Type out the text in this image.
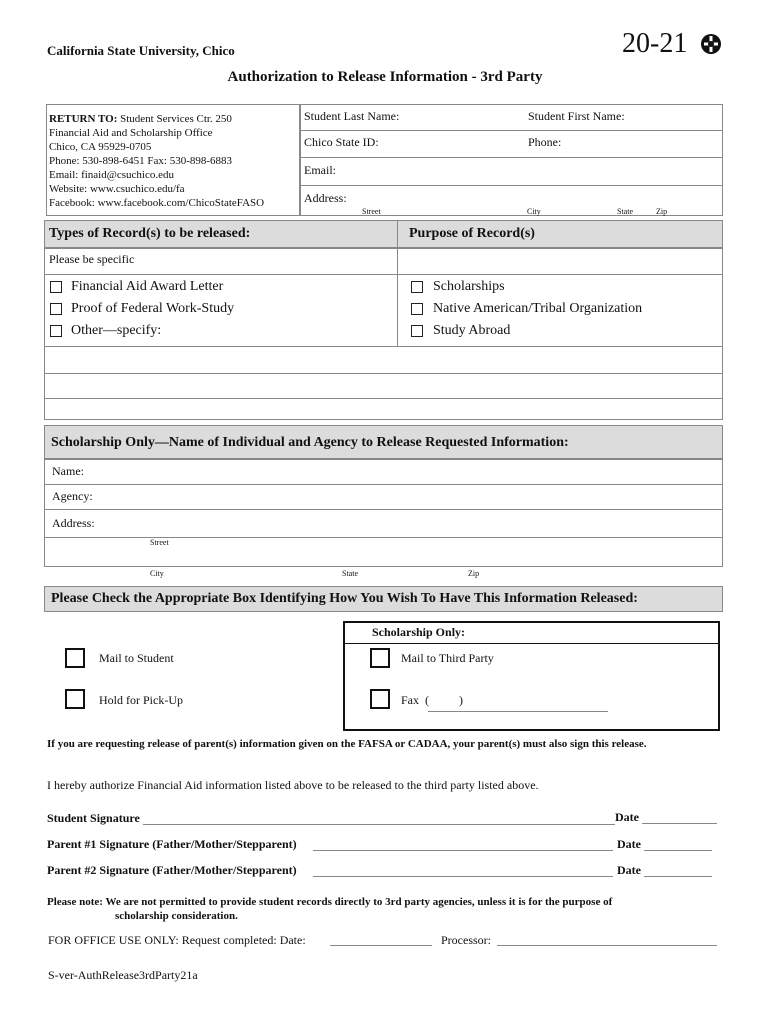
California State University, Chico	20-21
Authorization to Release Information - 3rd Party
RETURN TO: Student Services Ctr. 250
Financial Aid and Scholarship Office
Chico, CA 95929-0705
Phone: 530-898-6451 Fax: 530-898-6883
Email: finaid@csuchico.edu
Website: www.csuchico.edu/fa
Facebook: www.facebook.com/ChicoStateFASO
Student Last Name:	Student First Name:
Chico State ID:	Phone:
Email:
Address:
Street	City	State	Zip
Types of Record(s) to be released:	Purpose of Record(s)
Please be specific
Financial Aid Award Letter
Proof of Federal Work-Study
Other—specify:
Scholarships
Native American/Tribal Organization
Study Abroad
Scholarship Only—Name of Individual and Agency to Release Requested Information:
Name:
Agency:
Address:
Street
City	State	Zip
Please Check the Appropriate Box Identifying How You Wish To Have This Information Released:
Scholarship Only:
Mail to Student
Hold for Pick-Up
Mail to Third Party
Fax  (          )
If you are requesting release of parent(s) information given on the FAFSA or CADAA, your parent(s) must also sign this release.
I hereby authorize Financial Aid information listed above to be released to the third party listed above.
Student Signature	Date
Parent #1 Signature (Father/Mother/Stepparent)	Date
Parent #2 Signature (Father/Mother/Stepparent)	Date
Please note: We are not permitted to provide student records directly to 3rd party agencies, unless it is for the purpose of
scholarship consideration.
FOR OFFICE USE ONLY: Request completed: Date:	Processor:
S-ver-AuthRelease3rdParty21a
